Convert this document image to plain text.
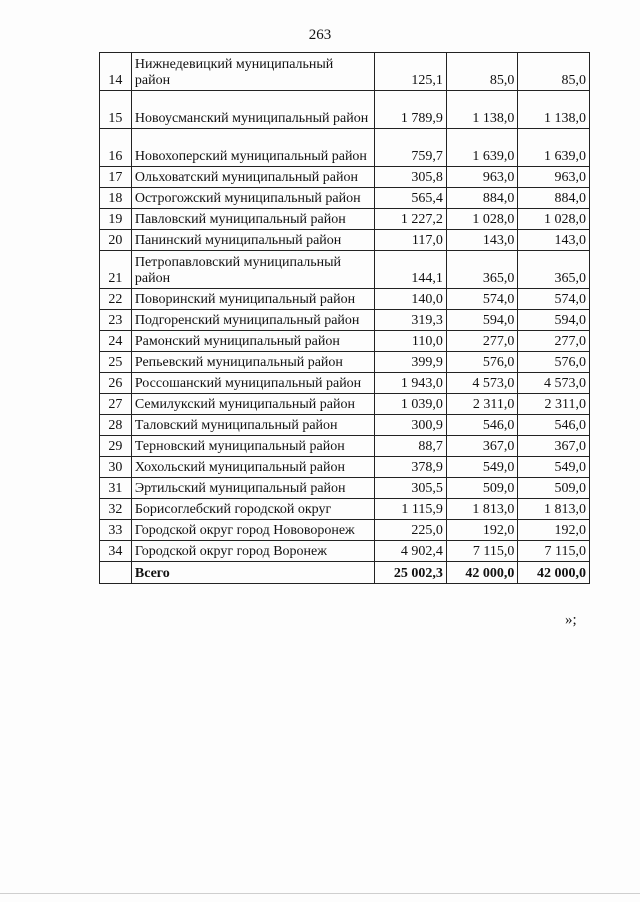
263
14	Нижнедевицкий муниципальный район	125,1	85,0	85,0
15	Новоусманский муниципальный район	1 789,9	1 138,0	1 138,0
16	Новохоперский муниципальный район	759,7	1 639,0	1 639,0
17	Ольховатский муниципальный район	305,8	963,0	963,0
18	Острогожский муниципальный район	565,4	884,0	884,0
19	Павловский муниципальный район	1 227,2	1 028,0	1 028,0
20	Панинский муниципальный район	117,0	143,0	143,0
21	Петропавловский муниципальный район	144,1	365,0	365,0
22	Поворинский муниципальный район	140,0	574,0	574,0
23	Подгоренский муниципальный район	319,3	594,0	594,0
24	Рамонский муниципальный район	110,0	277,0	277,0
25	Репьевский муниципальный район	399,9	576,0	576,0
26	Россошанский муниципальный район	1 943,0	4 573,0	4 573,0
27	Семилукский муниципальный район	1 039,0	2 311,0	2 311,0
28	Таловский муниципальный район	300,9	546,0	546,0
29	Терновский муниципальный район	88,7	367,0	367,0
30	Хохольский муниципальный район	378,9	549,0	549,0
31	Эртильский муниципальный район	305,5	509,0	509,0
32	Борисоглебский городской округ	1 115,9	1 813,0	1 813,0
33	Городской округ город Нововоронеж	225,0	192,0	192,0
34	Городской округ город Воронеж	4 902,4	7 115,0	7 115,0
	Всего	25 002,3	42 000,0	42 000,0
»;
